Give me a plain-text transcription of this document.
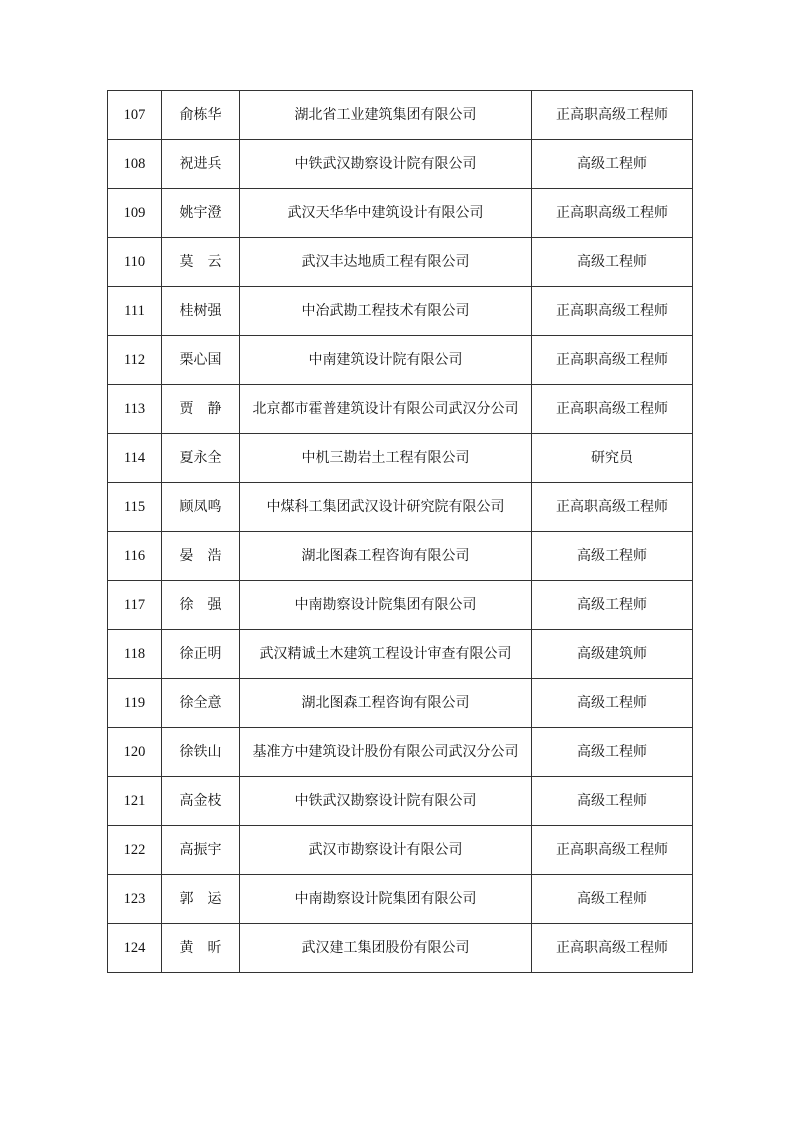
107	俞栋华	湖北省工业建筑集团有限公司	正高职高级工程师
108	祝进兵	中铁武汉勘察设计院有限公司	高级工程师
109	姚宇澄	武汉天华华中建筑设计有限公司	正高职高级工程师
110	莫　云	武汉丰达地质工程有限公司	高级工程师
111	桂树强	中冶武勘工程技术有限公司	正高职高级工程师
112	栗心国	中南建筑设计院有限公司	正高职高级工程师
113	贾　静	北京都市霍普建筑设计有限公司武汉分公司	正高职高级工程师
114	夏永全	中机三勘岩土工程有限公司	研究员
115	顾凤鸣	中煤科工集团武汉设计研究院有限公司	正高职高级工程师
116	晏　浩	湖北图森工程咨询有限公司	高级工程师
117	徐　强	中南勘察设计院集团有限公司	高级工程师
118	徐正明	武汉精诚土木建筑工程设计审查有限公司	高级建筑师
119	徐全意	湖北图森工程咨询有限公司	高级工程师
120	徐铁山	基准方中建筑设计股份有限公司武汉分公司	高级工程师
121	高金枝	中铁武汉勘察设计院有限公司	高级工程师
122	高振宇	武汉市勘察设计有限公司	正高职高级工程师
123	郭　运	中南勘察设计院集团有限公司	高级工程师
124	黄　昕	武汉建工集团股份有限公司	正高职高级工程师
